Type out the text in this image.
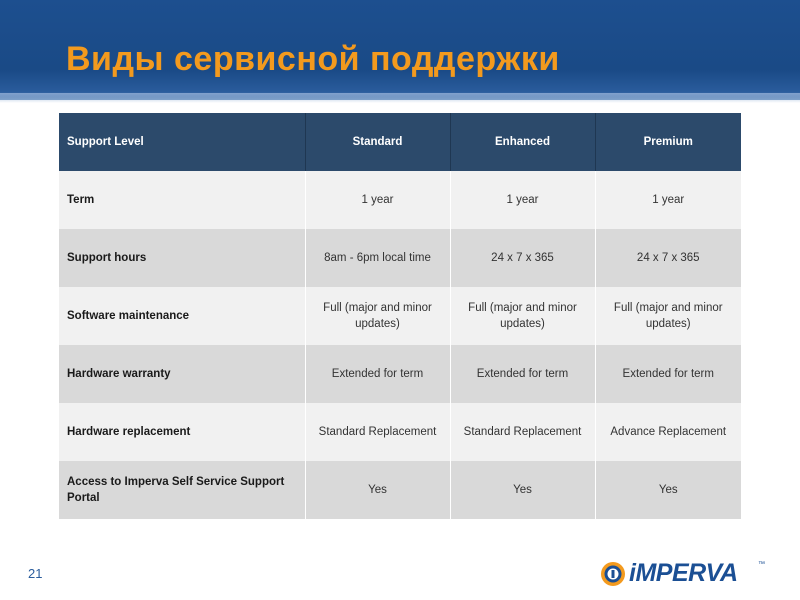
Виды сервисной поддержки
Support Level	Standard	Enhanced	Premium
Term	1 year	1 year	1 year
Support hours	8am - 6pm local time	24 x 7 x 365	24 x 7 x 365
Software maintenance	Full (major and minor updates)	Full (major and minor updates)	Full (major and minor updates)
Hardware warranty	Extended for term	Extended for term	Extended for term
Hardware replacement	Standard Replacement	Standard Replacement	Advance Replacement
Access to Imperva Self Service Support Portal	Yes	Yes	Yes
21	iMPERVA	™
